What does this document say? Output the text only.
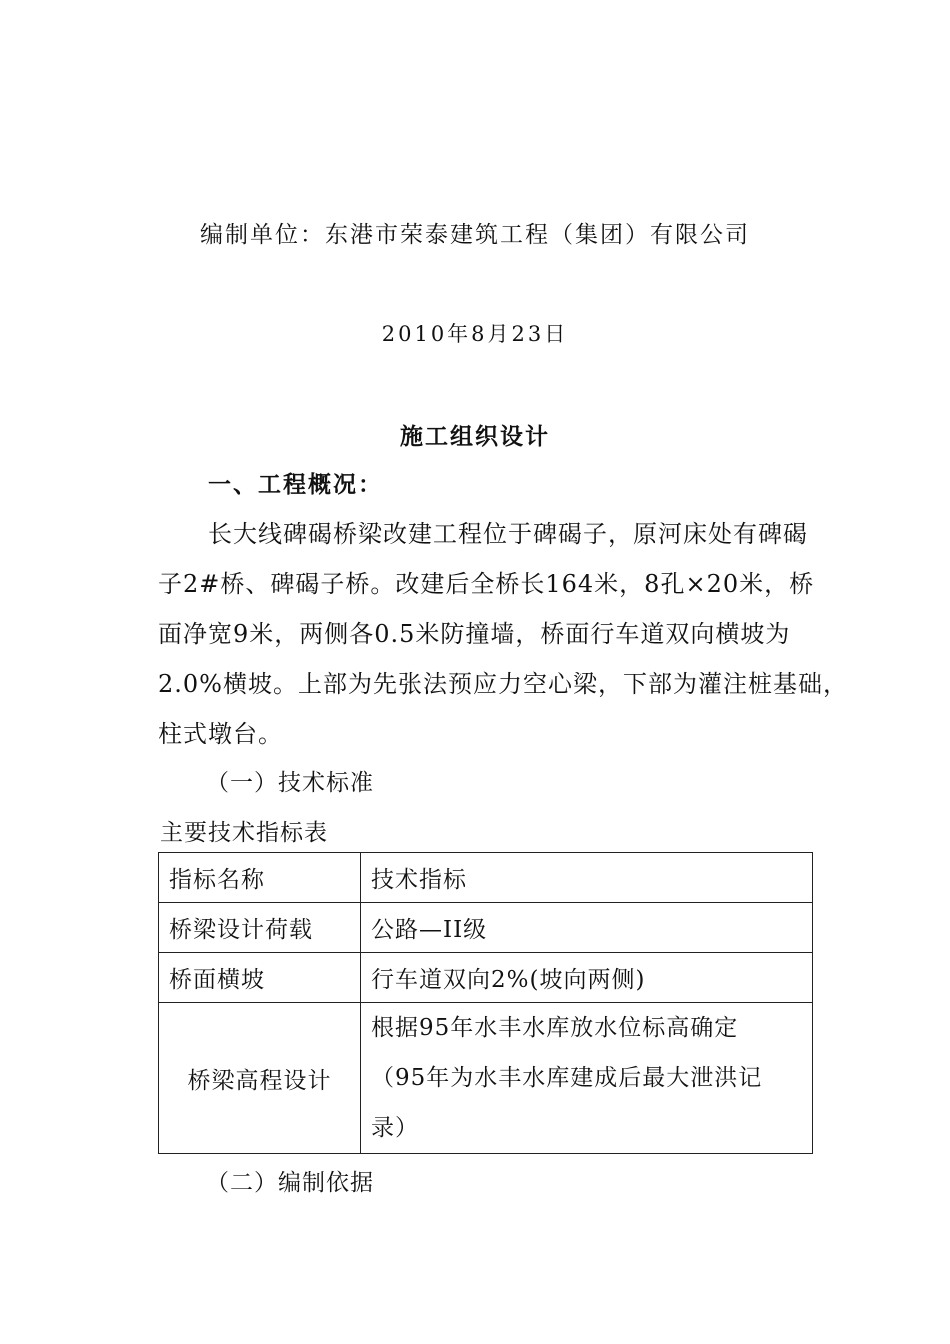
编制单位：东港市荣泰建筑工程（集团）有限公司
2010年8月23日
施工组织设计
一、工程概况：
　　长大线碑碣桥梁改建工程位于碑碣子，原河床处有碑碣
子2#桥、碑碣子桥。改建后全桥长164米，8孔×20米，桥
面净宽9米，两侧各0.5米防撞墙，桥面行车道双向横坡为
2.0%横坡。上部为先张法预应力空心梁，下部为灌注桩基础，
柱式墩台。
（一）技术标准
主要技术指标表
指标名称	技术指标
桥梁设计荷载	公路—II级
桥面横坡	行车道双向2%(坡向两侧)
桥梁高程设计	根据95年水丰水库放水位标高确定
（95年为水丰水库建成后最大泄洪记
录）
（二）编制依据
